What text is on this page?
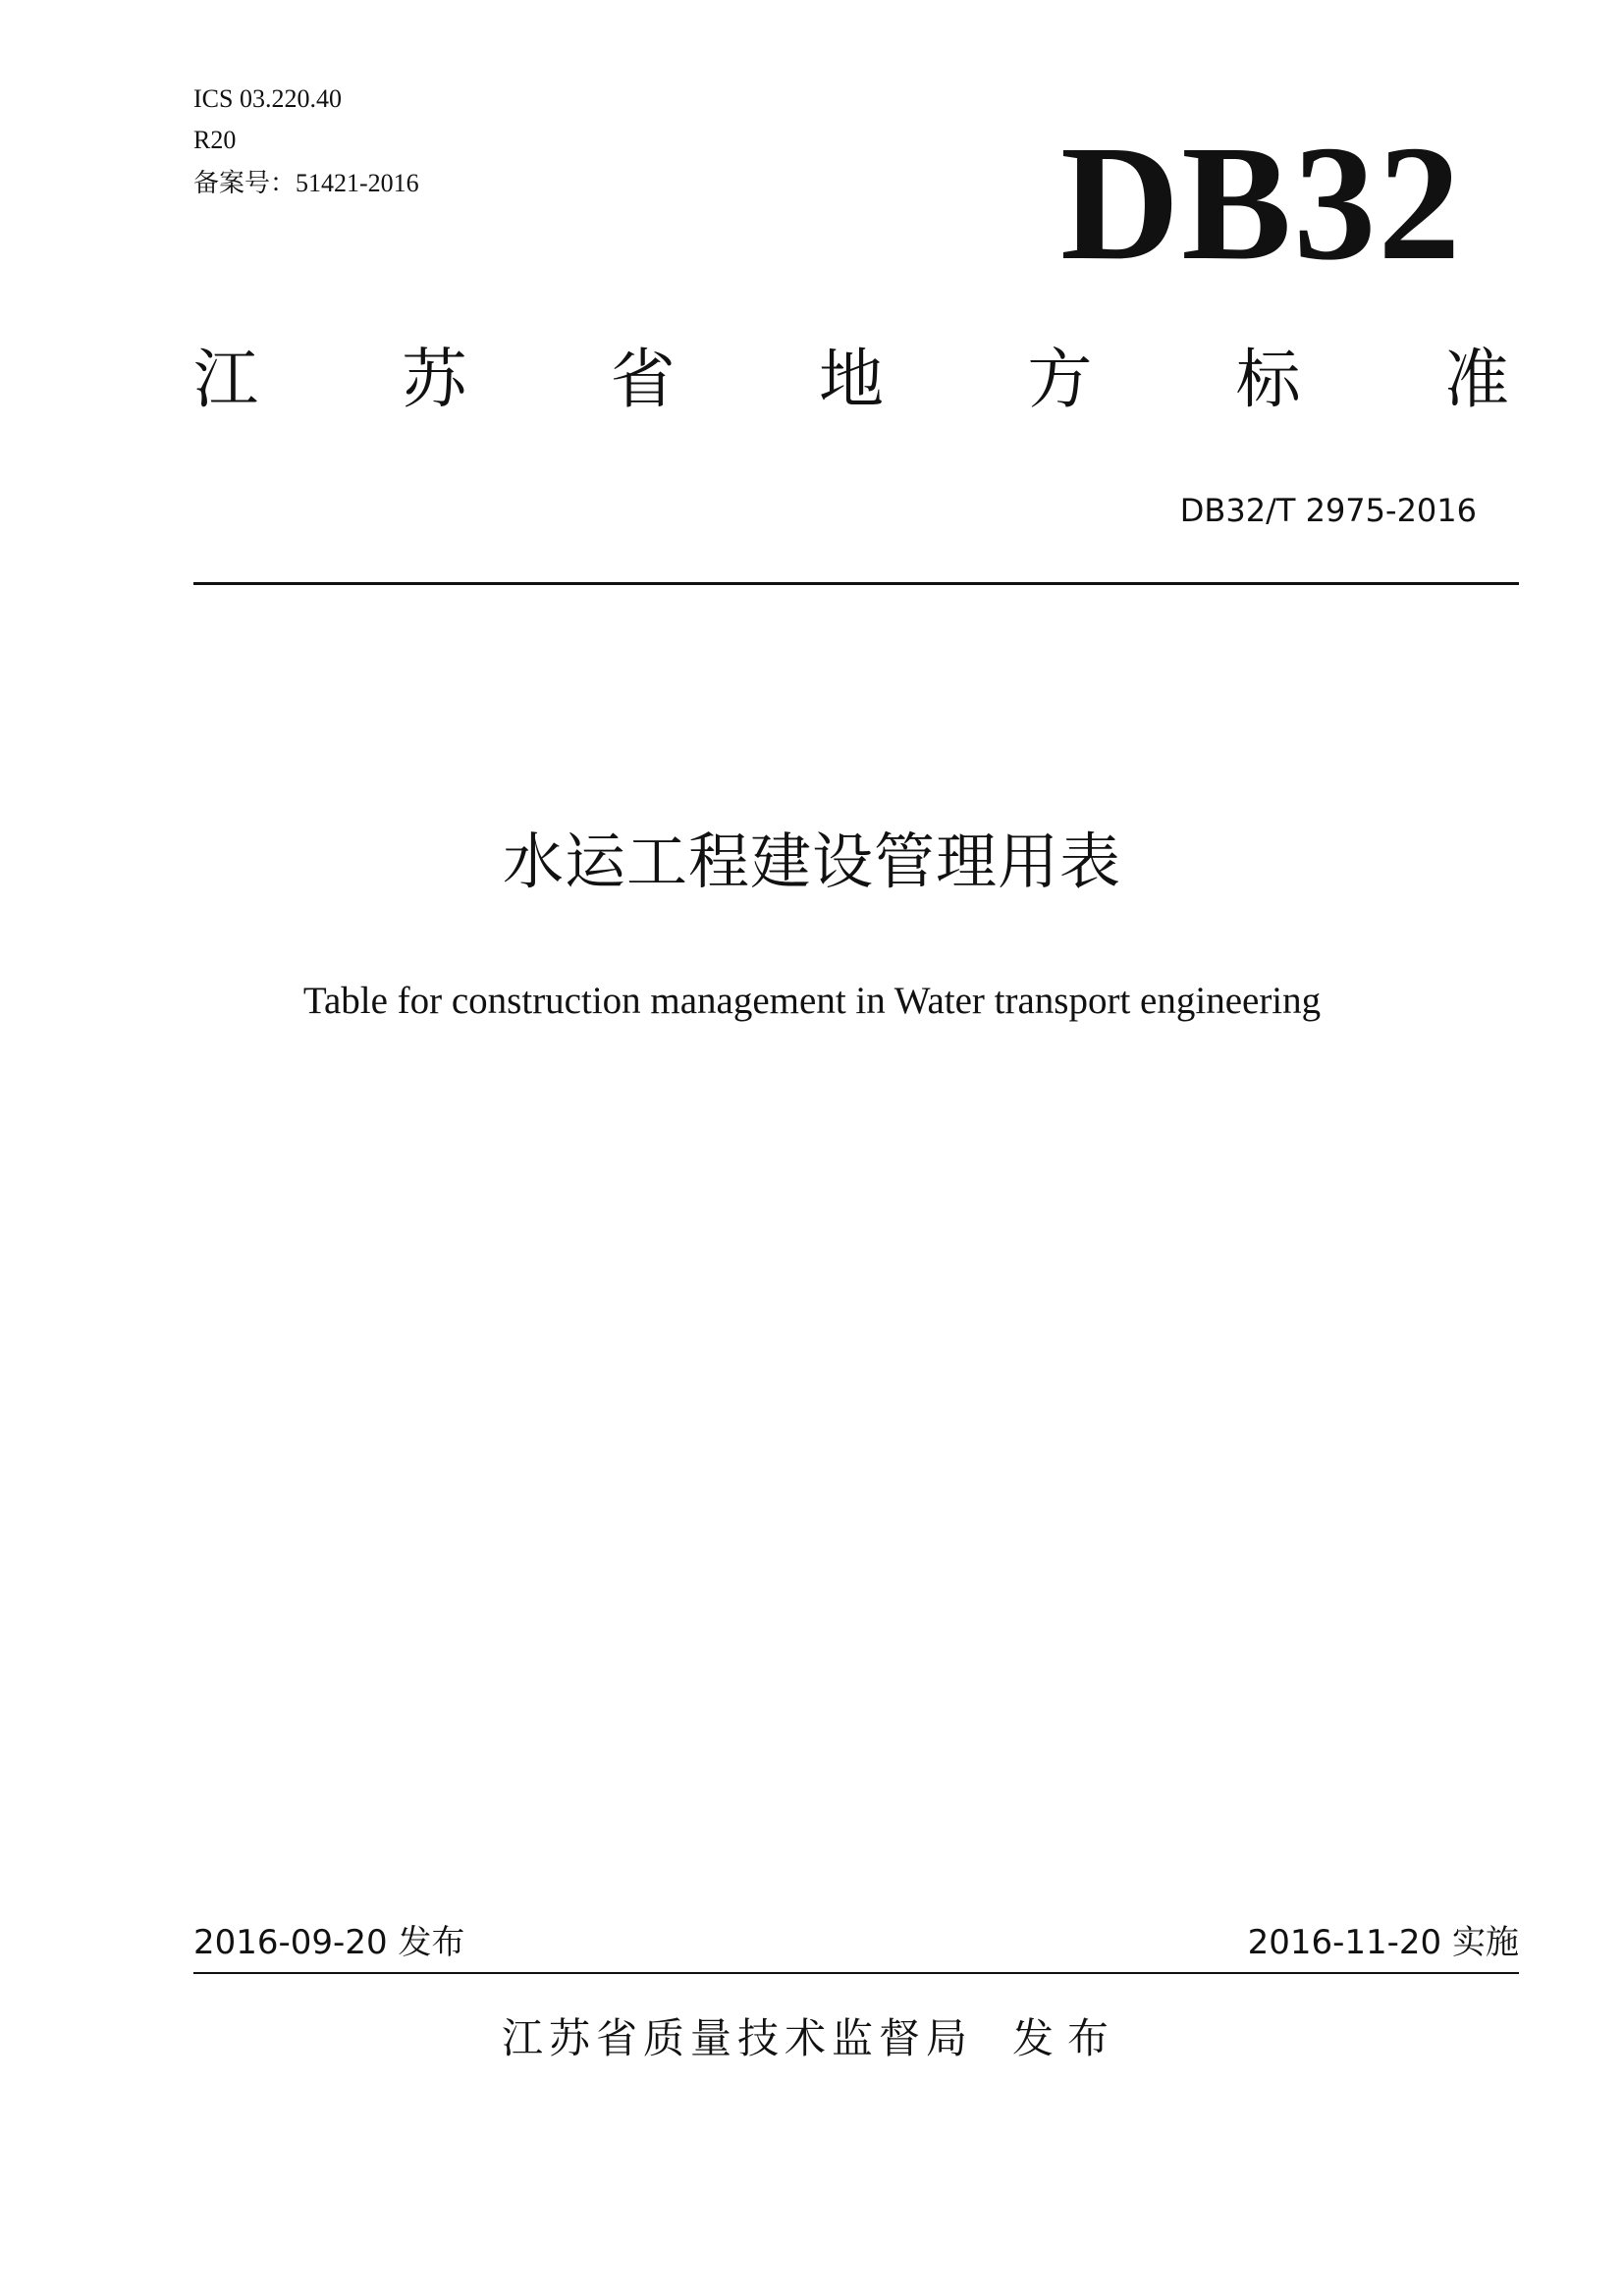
ICS 03.220.40
R20
备案号：51421-2016	DB32
江 苏 省 地 方 标 准
DB32/T 2975-2016
水运工程建设管理用表
Table for construction management in Water transport engineering
2016-09-20 发布	2016-11-20 实施
江苏省质量技术监督局 发布
